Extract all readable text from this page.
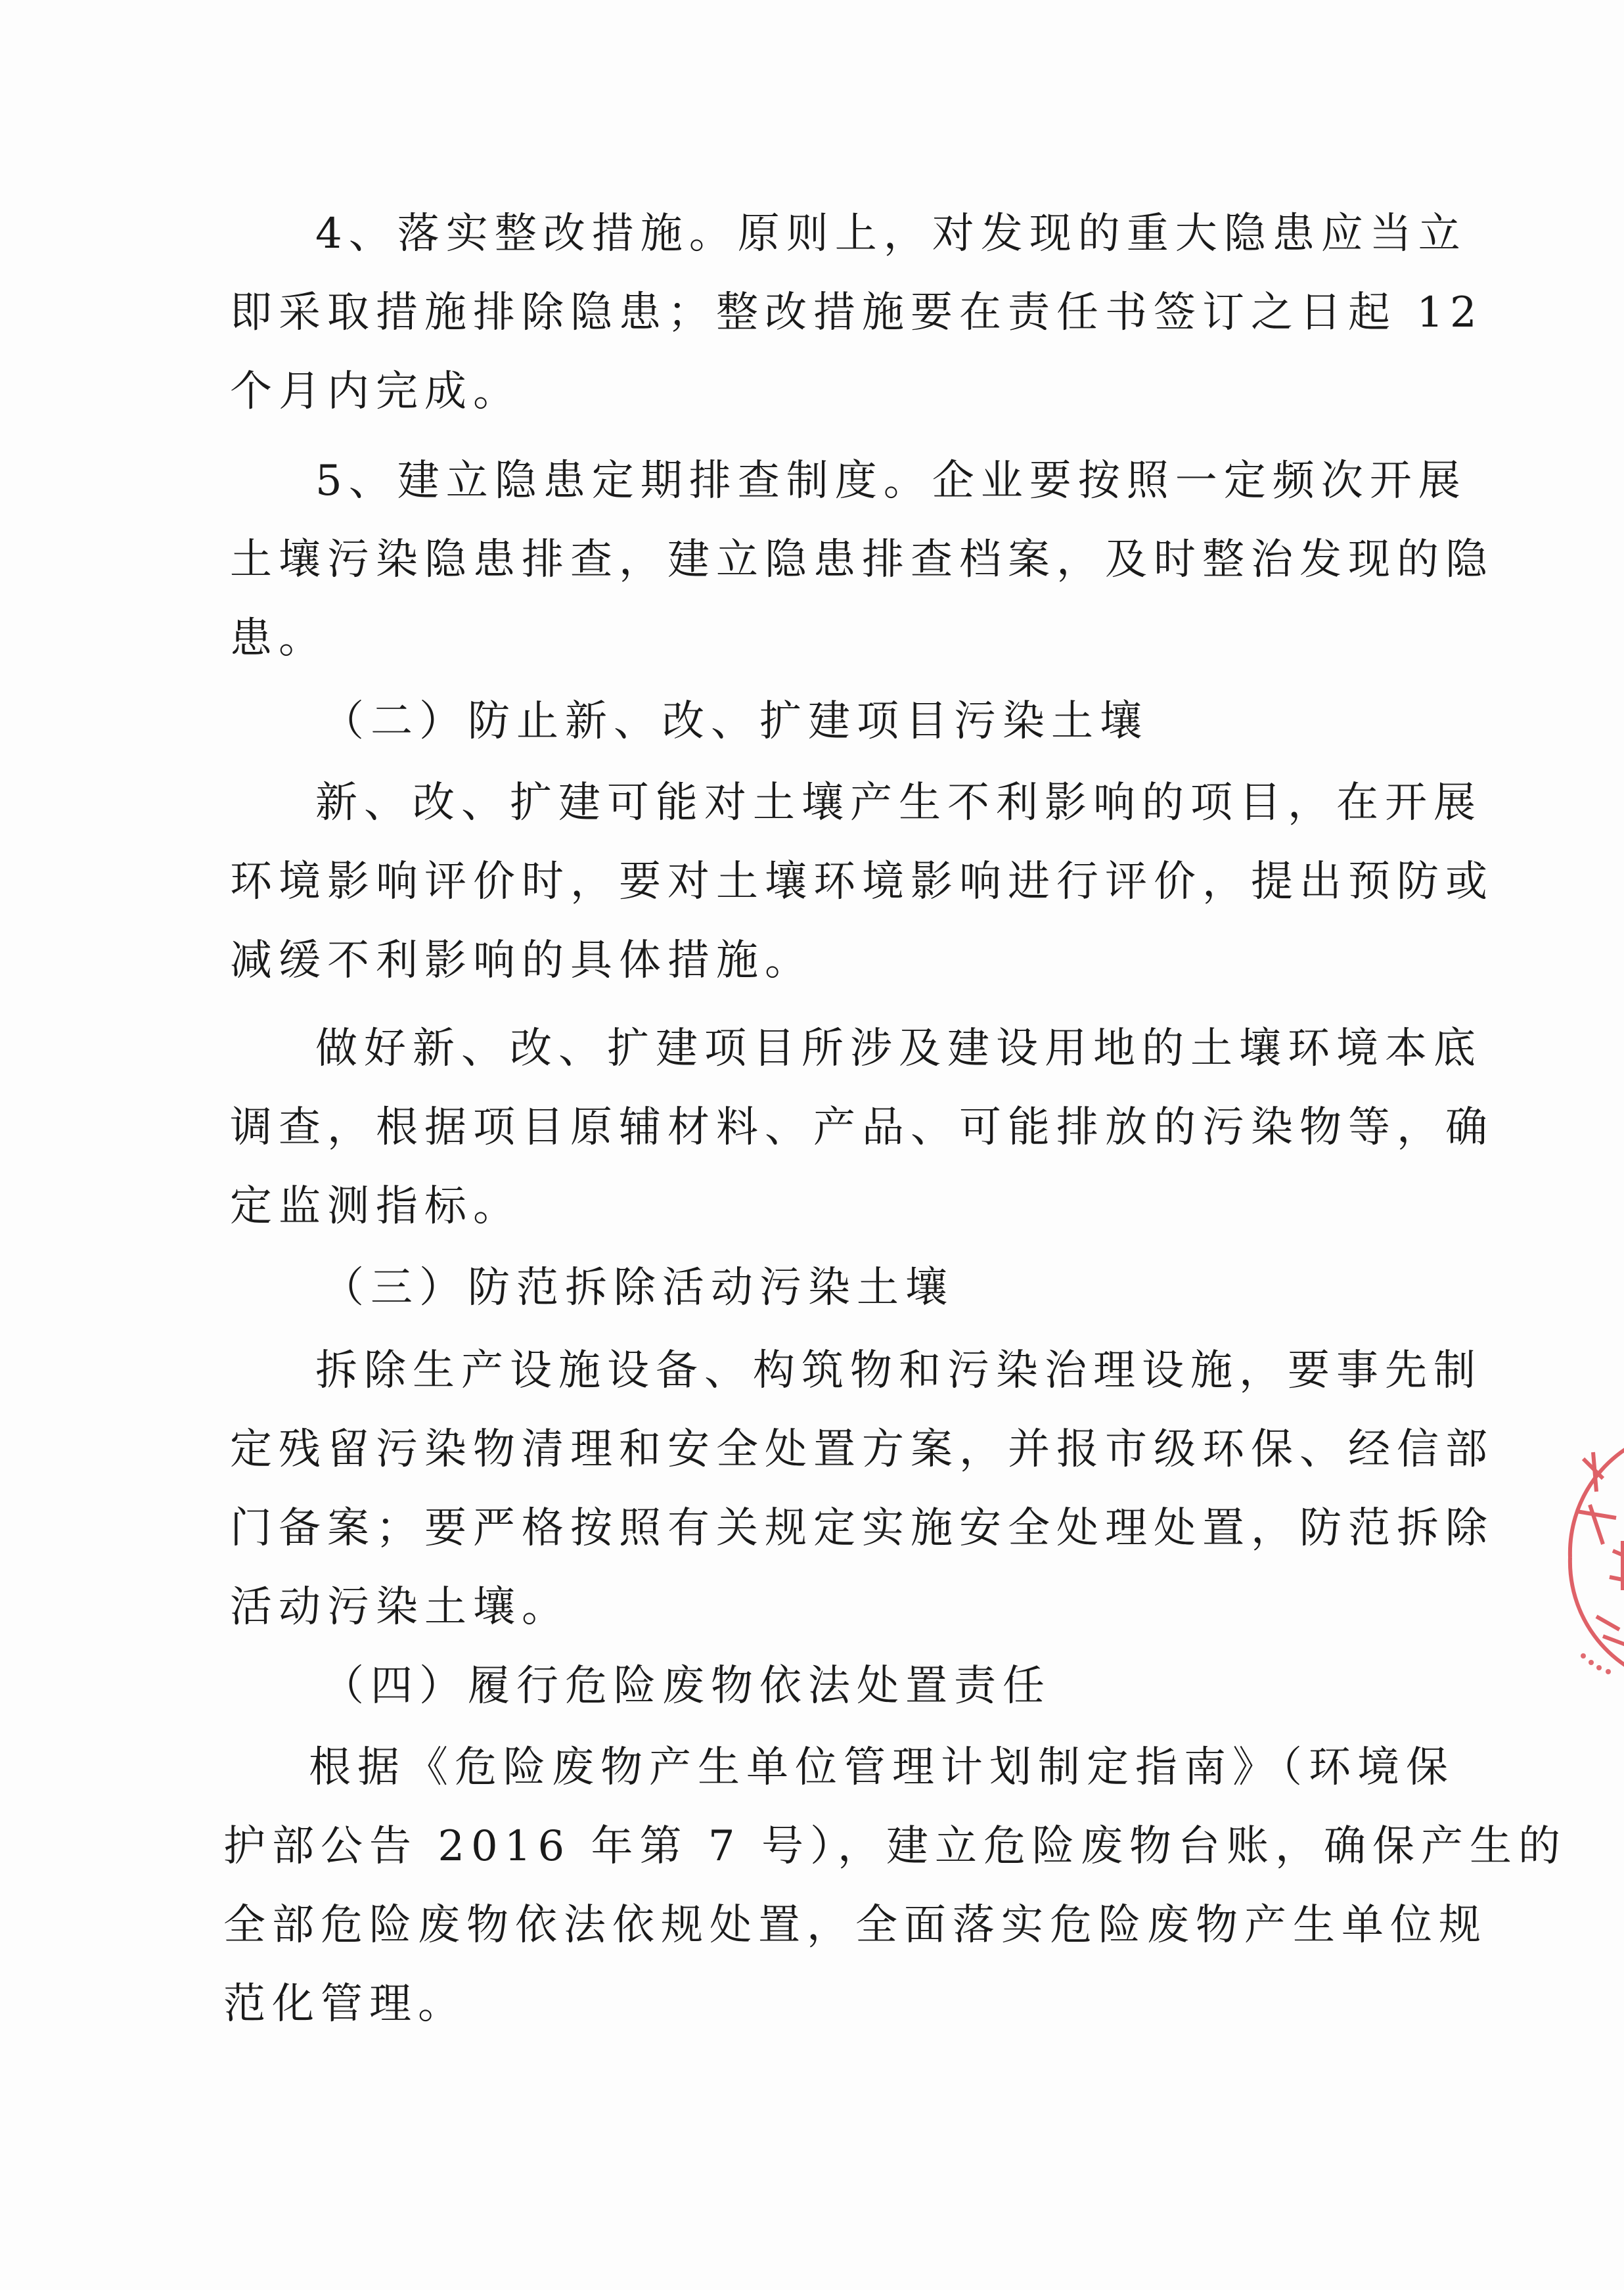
4、落实整改措施。原则上，对发现的重大隐患应当立
即采取措施排除隐患；整改措施要在责任书签订之日起 12
个月内完成。
5、建立隐患定期排查制度。企业要按照一定频次开展
土壤污染隐患排查，建立隐患排查档案，及时整治发现的隐
患。
（二）防止新、改、扩建项目污染土壤
新、改、扩建可能对土壤产生不利影响的项目，在开展
环境影响评价时，要对土壤环境影响进行评价，提出预防或
减缓不利影响的具体措施。
做好新、改、扩建项目所涉及建设用地的土壤环境本底
调查，根据项目原辅材料、产品、可能排放的污染物等，确
定监测指标。
（三）防范拆除活动污染土壤
拆除生产设施设备、构筑物和污染治理设施，要事先制
定残留污染物清理和安全处置方案，并报市级环保、经信部
门备案；要严格按照有关规定实施安全处理处置，防范拆除
活动污染土壤。
（四）履行危险废物依法处置责任
根据《危险废物产生单位管理计划制定指南》（环境保
护部公告 2016 年第 7 号），建立危险废物台账，确保产生的
全部危险废物依法依规处置，全面落实危险废物产生单位规
范化管理。
